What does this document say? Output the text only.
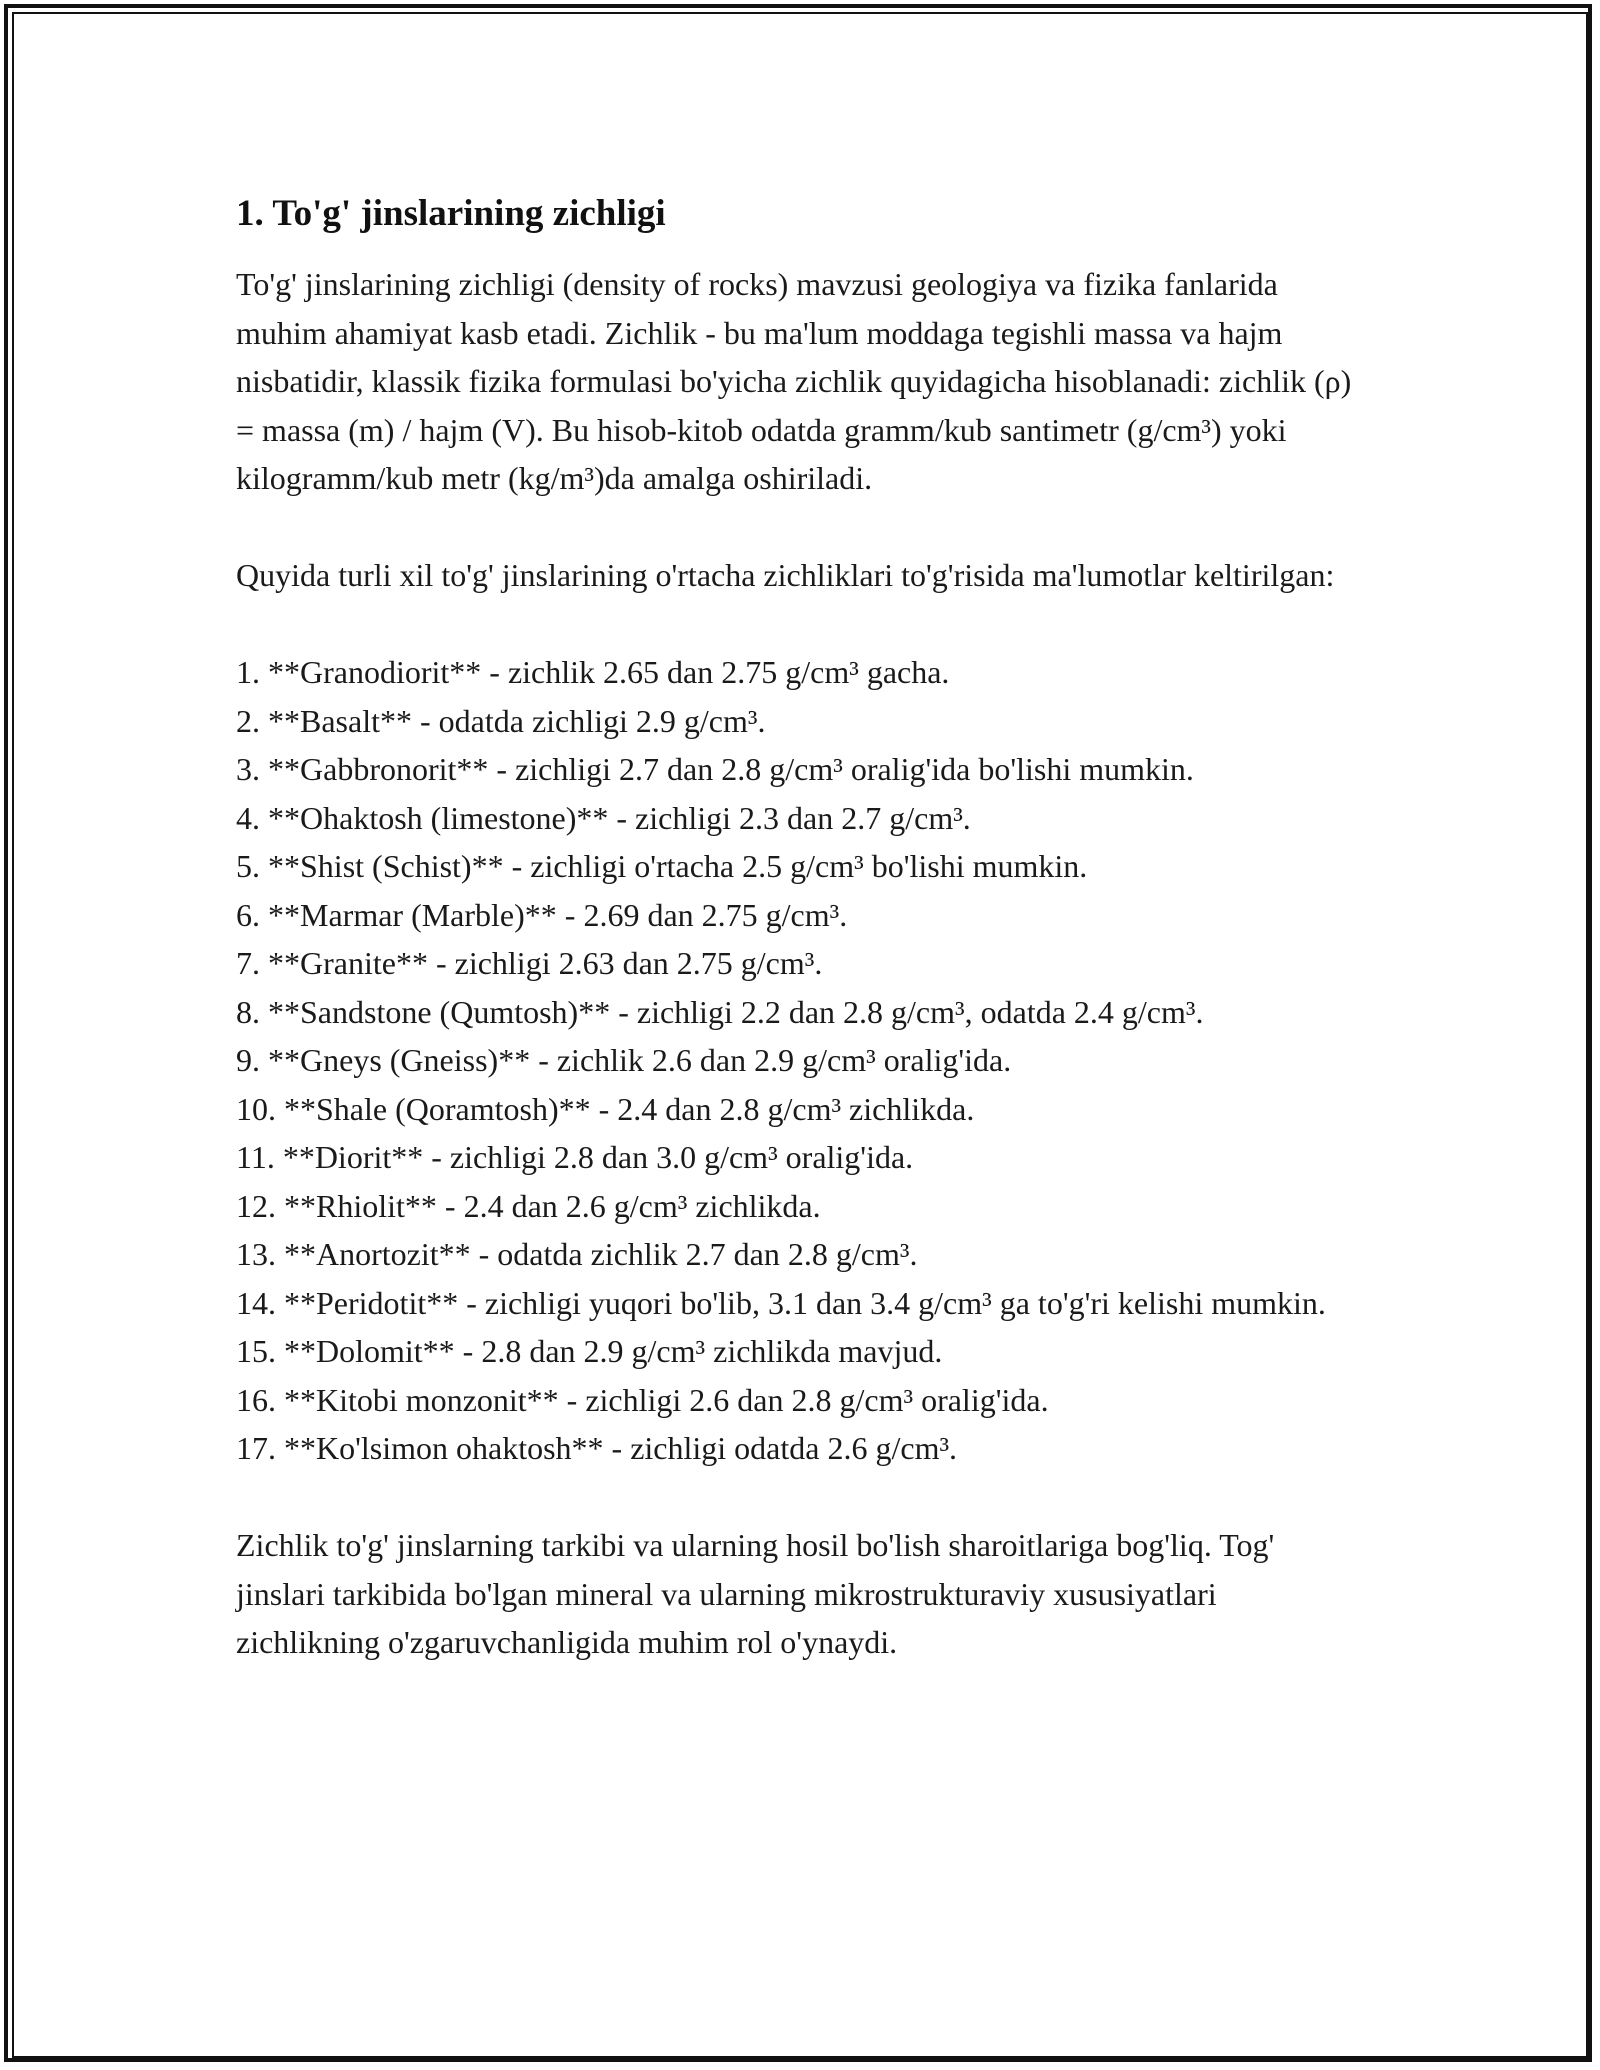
1. To'g' jinslarining zichligi

To'g' jinslarining zichligi (density of rocks) mavzusi geologiya va fizika fanlarida muhim ahamiyat kasb etadi. Zichlik - bu ma'lum moddaga tegishli massa va hajm nisbatidir, klassik fizika formulasi bo'yicha zichlik quyidagicha hisoblanadi: zichlik (ρ) = massa (m) / hajm (V). Bu hisob-kitob odatda gramm/kub santimetr (g/cm³) yoki kilogramm/kub metr (kg/m³)da amalga oshiriladi.

Quyida turli xil to'g' jinslarining o'rtacha zichliklari to'g'risida ma'lumotlar keltirilgan:

1. **Granodiorit** - zichlik 2.65 dan 2.75 g/cm³ gacha.
2. **Basalt** - odatda zichligi 2.9 g/cm³.
3. **Gabbronorit** - zichligi 2.7 dan 2.8 g/cm³ oralig'ida bo'lishi mumkin.
4. **Ohaktosh (limestone)** - zichligi 2.3 dan 2.7 g/cm³.
5. **Shist (Schist)** - zichligi o'rtacha 2.5 g/cm³ bo'lishi mumkin.
6. **Marmar (Marble)** - 2.69 dan 2.75 g/cm³.
7. **Granite** - zichligi 2.63 dan 2.75 g/cm³.
8. **Sandstone (Qumtosh)** - zichligi 2.2 dan 2.8 g/cm³, odatda 2.4 g/cm³.
9. **Gneys (Gneiss)** - zichlik 2.6 dan 2.9 g/cm³ oralig'ida.
10. **Shale (Qoramtosh)** - 2.4 dan 2.8 g/cm³ zichlikda.
11. **Diorit** - zichligi 2.8 dan 3.0 g/cm³ oralig'ida.
12. **Rhiolit** - 2.4 dan 2.6 g/cm³ zichlikda.
13. **Anortozit** - odatda zichlik 2.7 dan 2.8 g/cm³.
14. **Peridotit** - zichligi yuqori bo'lib, 3.1 dan 3.4 g/cm³ ga to'g'ri kelishi mumkin.
15. **Dolomit** - 2.8 dan 2.9 g/cm³ zichlikda mavjud.
16. **Kitobi monzonit** - zichligi 2.6 dan 2.8 g/cm³ oralig'ida.
17. **Ko'lsimon ohaktosh** - zichligi odatda 2.6 g/cm³.

Zichlik to'g' jinslarning tarkibi va ularning hosil bo'lish sharoitlariga bog'liq. Tog' jinslari tarkibida bo'lgan mineral va ularning mikrostrukturaviy xususiyatlari zichlikning o'zgaruvchanligida muhim rol o'ynaydi.
